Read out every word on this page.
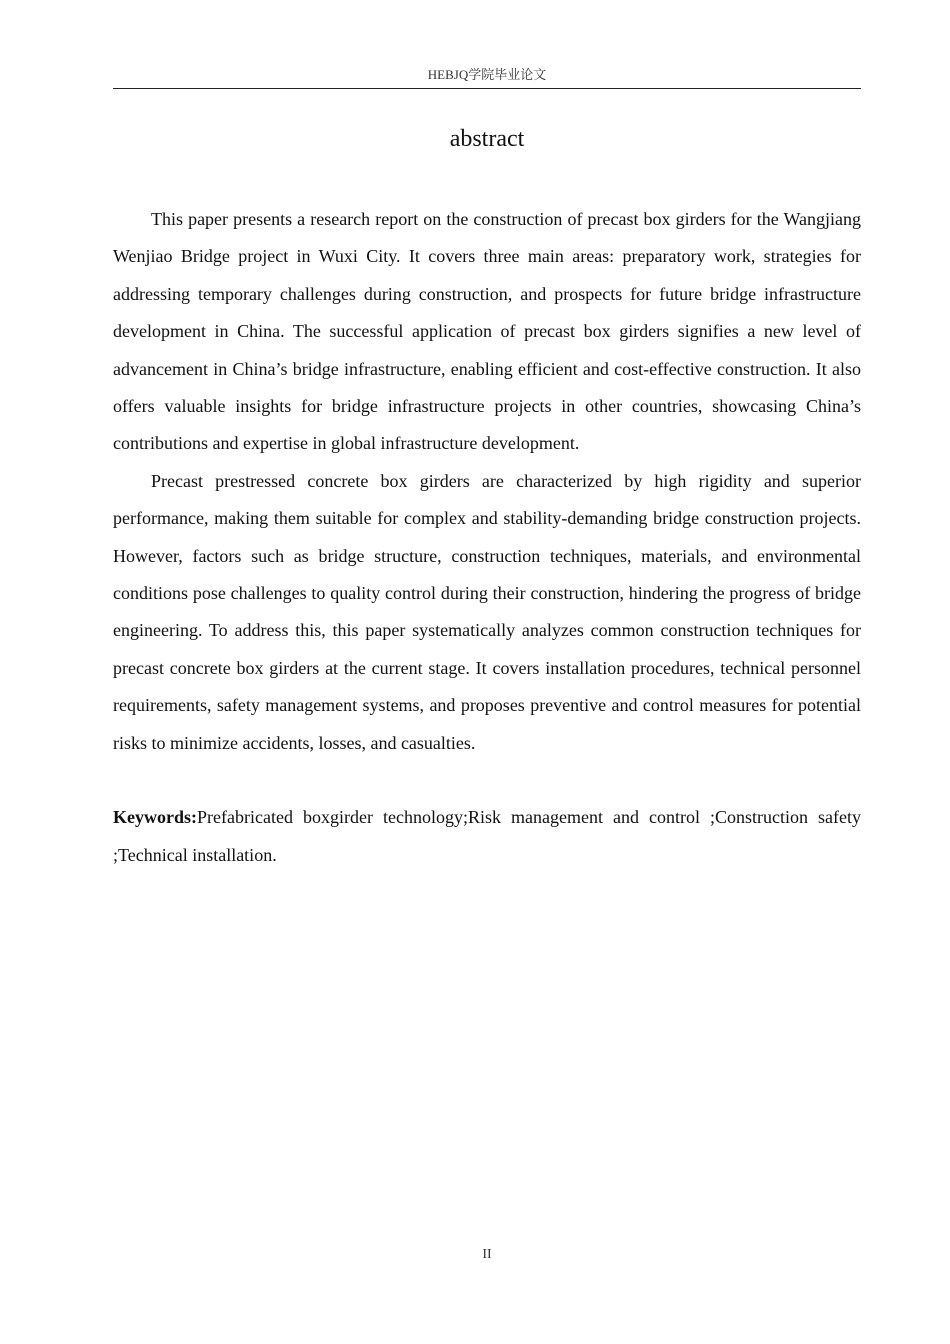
HEBJQ学院毕业论文
abstract

This paper presents a research report on the construction of precast box girders for the Wangjiang Wenjiao Bridge project in Wuxi City. It covers three main areas: preparatory work, strategies for addressing temporary challenges during construction, and prospects for future bridge infrastructure development in China. The successful application of precast box girders signifies a new level of advancement in China’s bridge infrastructure, enabling efficient and cost-effective construction. It also offers valuable insights for bridge infrastructure projects in other countries, showcasing China’s contributions and expertise in global infrastructure development.

Precast prestressed concrete box girders are characterized by high rigidity and superior performance, making them suitable for complex and stability-demanding bridge construction projects. However, factors such as bridge structure, construction techniques, materials, and environmental conditions pose challenges to quality control during their construction, hindering the progress of bridge engineering. To address this, this paper systematically analyzes common construction techniques for precast concrete box girders at the current stage. It covers installation procedures, technical personnel requirements, safety management systems, and proposes preventive and control measures for potential risks to minimize accidents, losses, and casualties.

Keywords:Prefabricated boxgirder technology;Risk management and control ;Construction safety ;Technical installation.

II
